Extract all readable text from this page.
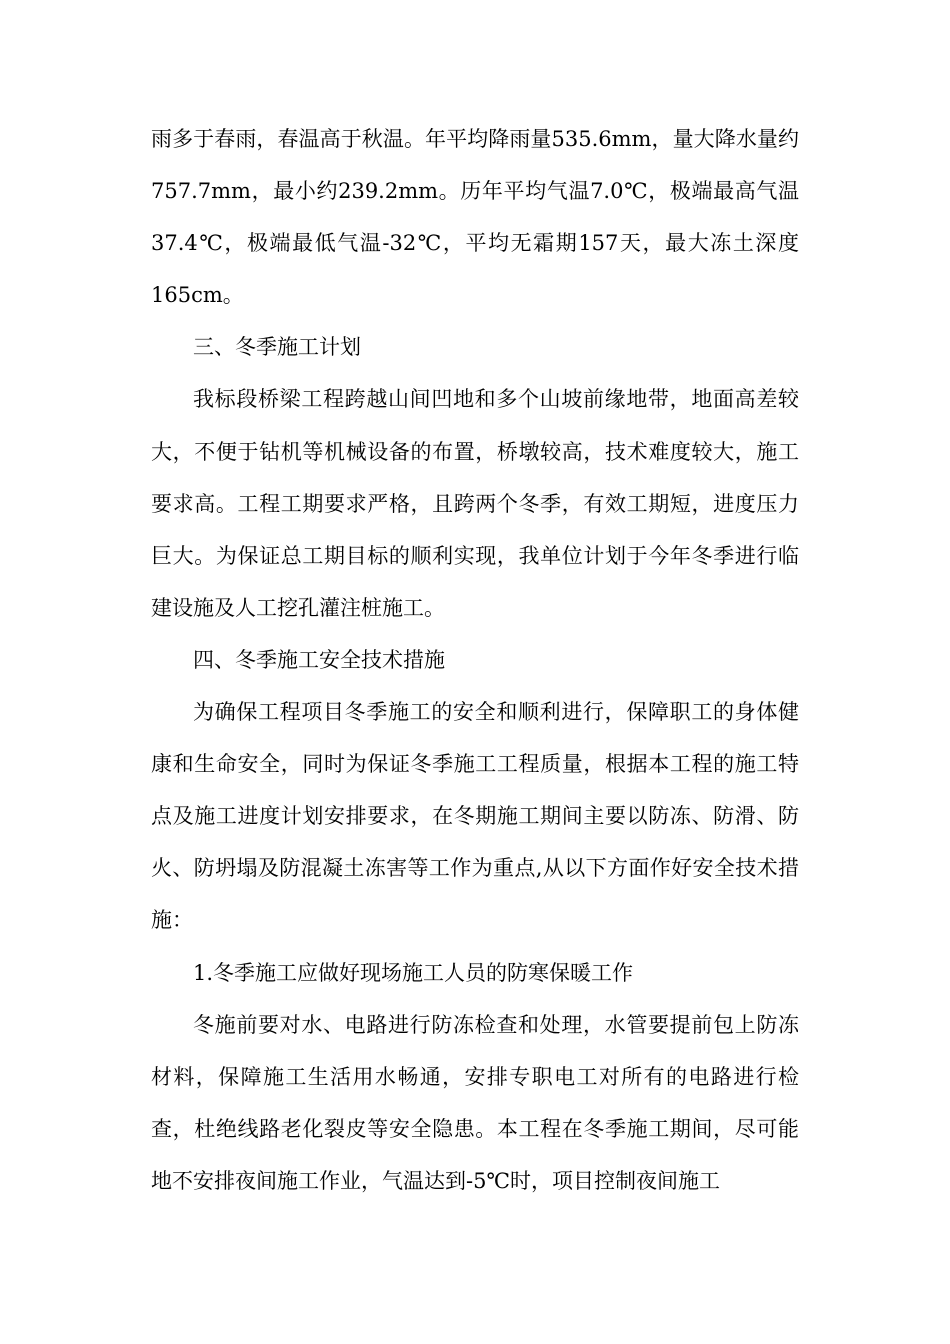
雨多于春雨，春温高于秋温。年平均降雨量535.6mm，量大降水量约757.7mm，最小约239.2mm。历年平均气温7.0℃，极端最高气温37.4℃，极端最低气温-32℃，平均无霜期157天，最大冻土深度165cm。

三、冬季施工计划

我标段桥梁工程跨越山间凹地和多个山坡前缘地带，地面高差较大，不便于钻机等机械设备的布置，桥墩较高，技术难度较大，施工要求高。工程工期要求严格，且跨两个冬季，有效工期短，进度压力巨大。为保证总工期目标的顺利实现，我单位计划于今年冬季进行临建设施及人工挖孔灌注桩施工。

四、冬季施工安全技术措施

为确保工程项目冬季施工的安全和顺利进行，保障职工的身体健康和生命安全，同时为保证冬季施工工程质量，根据本工程的施工特点及施工进度计划安排要求，在冬期施工期间主要以防冻、防滑、防火、防坍塌及防混凝土冻害等工作为重点,从以下方面作好安全技术措施：

1.冬季施工应做好现场施工人员的防寒保暖工作

冬施前要对水、电路进行防冻检查和处理，水管要提前包上防冻材料，保障施工生活用水畅通，安排专职电工对所有的电路进行检查，杜绝线路老化裂皮等安全隐患。本工程在冬季施工期间，尽可能地不安排夜间施工作业，气温达到-5℃时，项目控制夜间施工
